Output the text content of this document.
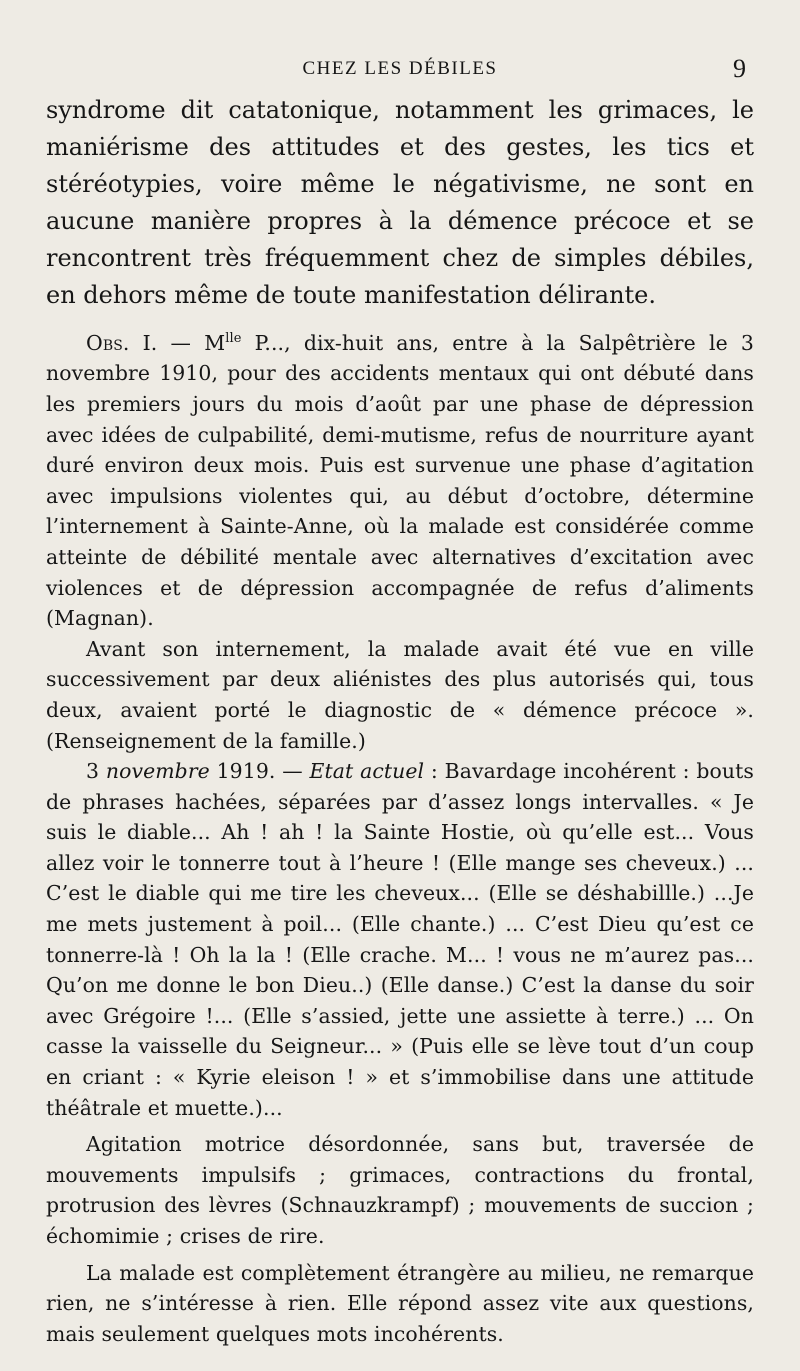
CHEZ LES DÉBILES	9

syndrome dit catatonique, notamment les grimaces, le maniérisme des attitudes et des gestes, les tics et stéréotypies, voire même le négativisme, ne sont en aucune manière propres à la démence précoce et se rencontrent très fréquemment chez de simples débiles, en dehors même de toute manifestation délirante.

Obs. I. — $M^{lle}$ P..., dix-huit ans, entre à la Salpêtrière le 3 novembre 1910, pour des accidents mentaux qui ont débuté dans les premiers jours du mois d’août par une phase de dépression avec idées de culpabilité, demi-mutisme, refus de nourriture ayant duré environ deux mois. Puis est survenue une phase d’agitation avec impulsions violentes qui, au début d’octobre, détermine l’internement à Sainte-Anne, où la malade est considérée comme atteinte de débilité mentale avec alternatives d’excitation avec violences et de dépression accompagnée de refus d’aliments (Magnan).

Avant son internement, la malade avait été vue en ville successivement par deux aliénistes des plus autorisés qui, tous deux, avaient porté le diagnostic de « démence précoce ». (Renseignement de la famille.)

3 novembre 1919. — Etat actuel : Bavardage incohérent : bouts de phrases hachées, séparées par d’assez longs intervalles. « Je suis le diable... Ah ! ah ! la Sainte Hostie, où qu’elle est... Vous allez voir le tonnerre tout à l’heure ! (Elle mange ses cheveux.) ... C’est le diable qui me tire les cheveux... (Elle se déshabillle.) ...Je me mets justement à poil... (Elle chante.) ... C’est Dieu qu’est ce tonnerre-là ! Oh la la ! (Elle crache. M... ! vous ne m’aurez pas... Qu’on me donne le bon Dieu..) (Elle danse.) C’est la danse du soir avec Grégoire !... (Elle s’assied, jette une assiette à terre.) ... On casse la vaisselle du Seigneur... » (Puis elle se lève tout d’un coup en criant : « Kyrie eleison ! » et s’immobilise dans une attitude théâtrale et muette.)...

Agitation motrice désordonnée, sans but, traversée de mouvements impulsifs ; grimaces, contractions du frontal, protrusion des lèvres (Schnauzkrampf) ; mouvements de succion ; échomimie ; crises de rire.

La malade est complètement étrangère au milieu, ne remarque rien, ne s’intéresse à rien. Elle répond assez vite aux questions, mais seulement quelques mots incohérents.
